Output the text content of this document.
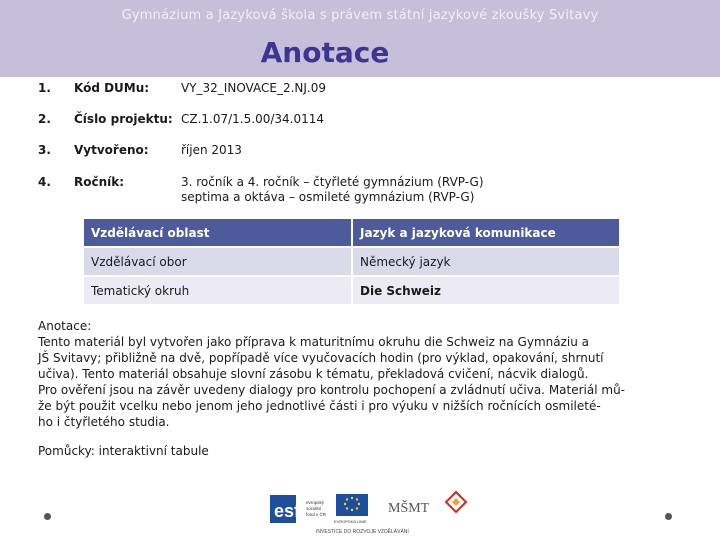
Gymnázium a Jazyková škola s právem státní jazykové zkoušky Svitavy
Anotace
1. Kód DUMu:	VY_32_INOVACE_2.NJ.09
2. Číslo projektu: CZ.1.07/1.5.00/34.0114
3. Vytvořeno:	říjen 2013
4. Ročník:	3. ročník a 4. ročník – čtyřleté gymnázium (RVP-G)
septima a oktáva – osmileté gymnázium (RVP-G)
Vzdělávací oblast	Jazyk a jazyková komunikace
Vzdělávací obor	Německý jazyk
Tematický okruh	Die Schweiz
Anotace:
Tento materiál byl vytvořen jako příprava k maturitnímu okruhu die Schweiz na Gymnáziu a
JŠ Svitavy; přibližně na dvě, popřípadě více vyučovacích hodin (pro výklad, opakování, shrnutí
učiva). Tento materiál obsahuje slovní zásobu k tématu, překladová cvičení, nácvik dialogů.
Pro ověření jsou na závěr uvedeny dialogy pro kontrolu pochopení a zvládnutí učiva. Materiál mů-
že být použit vcelku nebo jenom jeho jednotlivé části i pro výuku v nižších ročnících osmileté-
ho i čtyřletého studia.
Pomůcky: interaktivní tabule
esf evropský
sociální
fond v ČR
EVROPSKÁ UNIE
MŠMT
INVESTICE DO ROZVOJE VZDĚLÁVÁNÍ
